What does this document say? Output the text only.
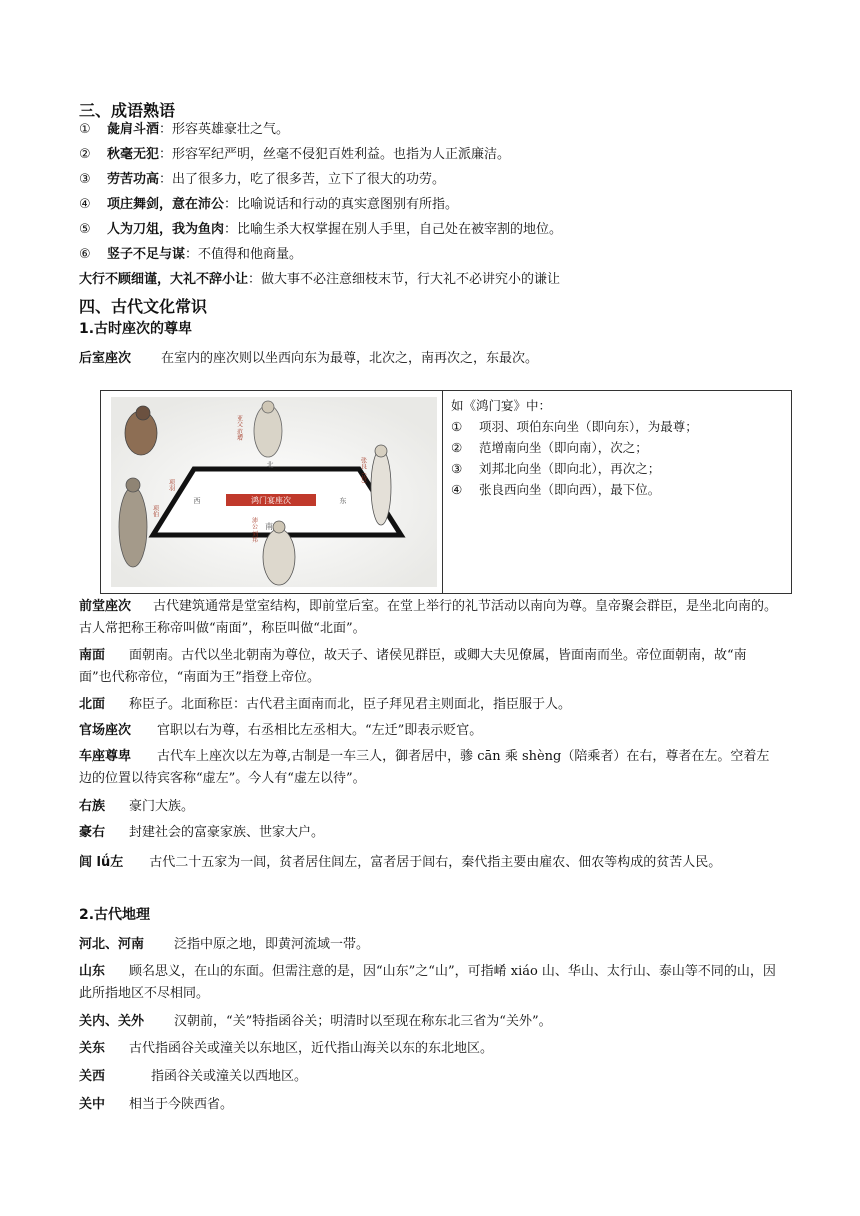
三、成语熟语
① 彘肩斗酒：形容英雄豪壮之气。
② 秋毫无犯：形容军纪严明，丝毫不侵犯百姓利益。也指为人正派廉洁。
③ 劳苦功高：出了很多力，吃了很多苦，立下了很大的功劳。
④ 项庄舞剑，意在沛公：比喻说话和行动的真实意图别有所指。
⑤ 人为刀俎，我为鱼肉：比喻生杀大权掌握在别人手里，自己处在被宰割的地位。
⑥ 竖子不足与谋：不值得和他商量。
大行不顾细谨，大礼不辞小让：做大事不必注意细枝末节，行大礼不必讲究小的谦让
四、古代文化常识
1.古时座次的尊卑
后室座次 在室内的座次则以坐西向东为最尊，北次之，南再次之，东最次。
鸿门宴座次
北
南
西	东
亚父 范增
项羽
项伯
张良（侍）
沛公 刘邦
如《鸿门宴》中：
① 项羽、项伯东向坐（即向东），为最尊；
② 范增南向坐（即向南），次之；
③ 刘邦北向坐（即向北），再次之；
④ 张良西向坐（即向西），最下位。
前堂座次 古代建筑通常是堂室结构，即前堂后室。在堂上举行的礼节活动以南向为尊。皇帝聚会群臣，是坐北向南的。古人常把称王称帝叫做“南面”，称臣叫做“北面”。
南面 面朝南。古代以坐北朝南为尊位，故天子、诸侯见群臣，或卿大夫见僚属，皆面南而坐。帝位面朝南，故“南面”也代称帝位，“南面为王”指登上帝位。
北面 称臣子。北面称臣：古代君主面南而北，臣子拜见君主则面北，指臣服于人。
官场座次 官职以右为尊，右丞相比左丞相大。“左迁”即表示贬官。
车座尊卑 古代车上座次以左为尊,古制是一车三人，御者居中，骖 cān 乘 shèng（陪乘者）在右，尊者在左。空着左边的位置以待宾客称“虚左”。今人有“虚左以待”。
右族 豪门大族。
豪右 封建社会的富豪家族、世家大户。
闾 lǘ左 古代二十五家为一闾，贫者居住闾左，富者居于闾右，秦代指主要由雇农、佃农等构成的贫苦人民。
2.古代地理
河北、河南 泛指中原之地，即黄河流域一带。
山东 顾名思义，在山的东面。但需注意的是，因“山东”之“山”，可指崤 xiáo 山、华山、太行山、泰山等不同的山，因此所指地区不尽相同。
关内、关外 汉朝前，“关”特指函谷关；明清时以至现在称东北三省为“关外”。
关东 古代指函谷关或潼关以东地区，近代指山海关以东的东北地区。
关西	指函谷关或潼关以西地区。
关中 相当于今陕西省。
